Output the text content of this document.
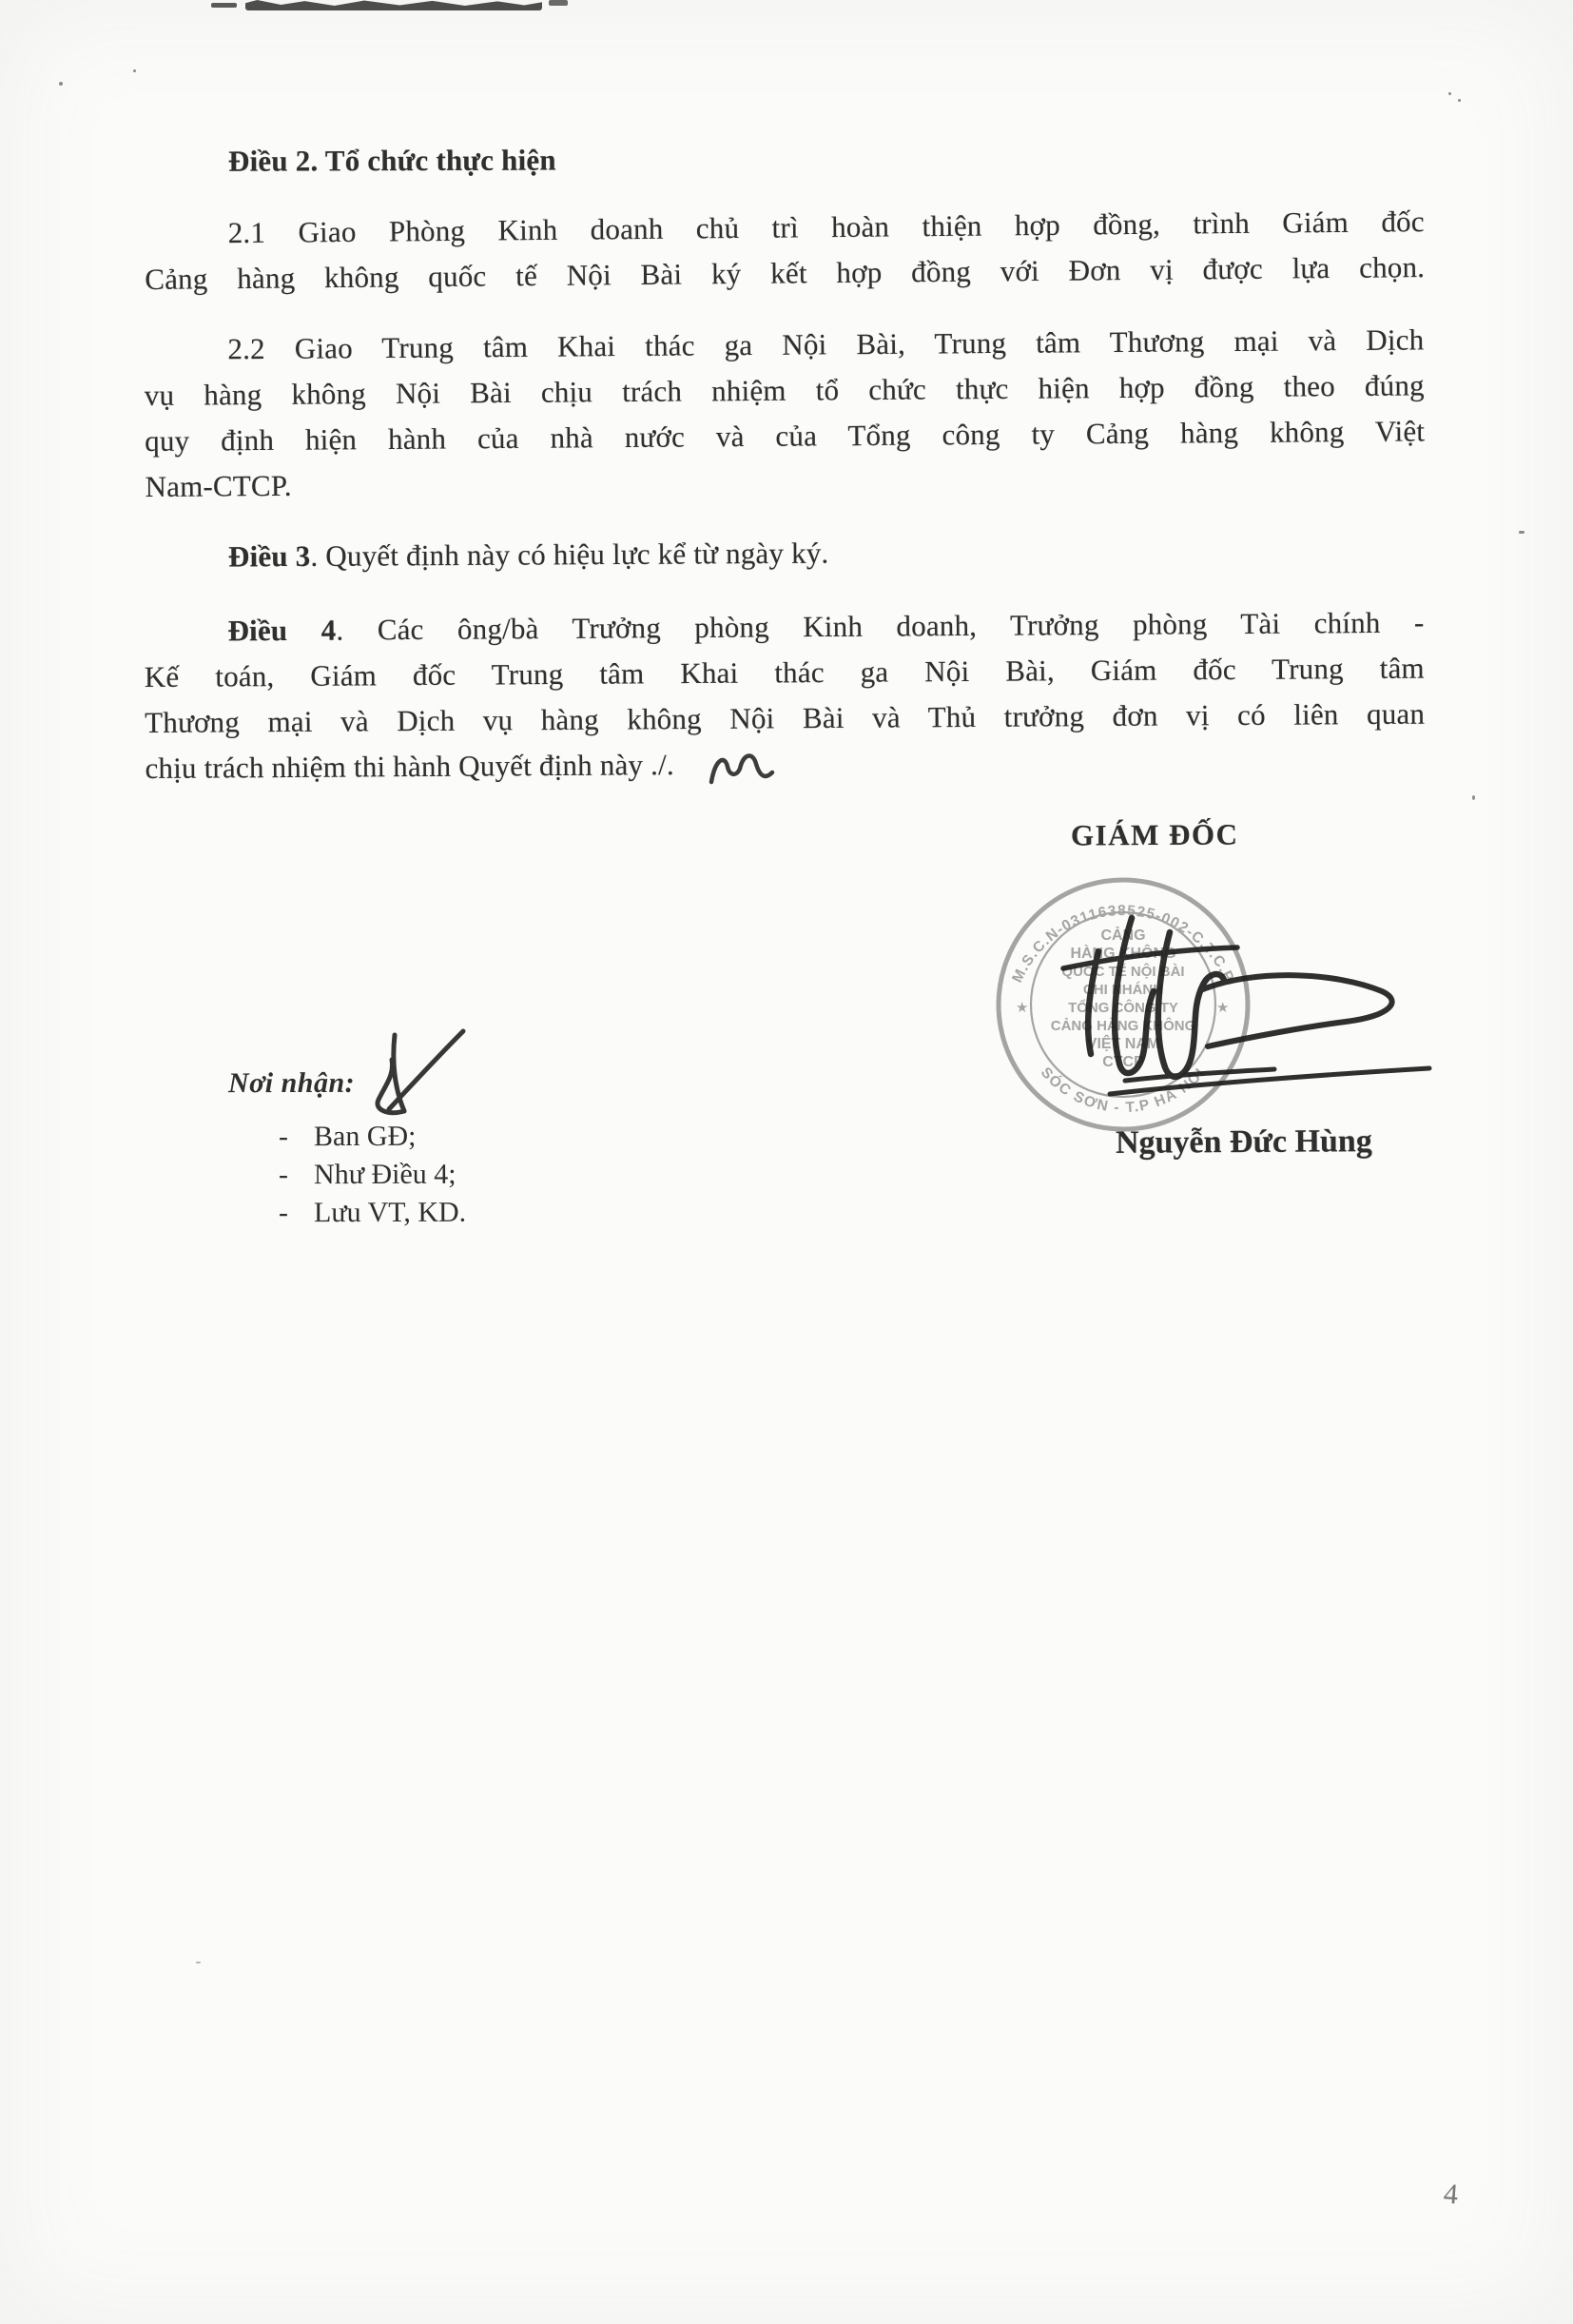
Điều 2. Tổ chức thực hiện
2.1 Giao Phòng Kinh doanh chủ trì hoàn thiện hợp đồng, trình Giám đốc
Cảng hàng không quốc tế Nội Bài ký kết hợp đồng với Đơn vị được lựa chọn.
2.2 Giao Trung tâm Khai thác ga Nội Bài, Trung tâm Thương mại và Dịch
vụ hàng không Nội Bài chịu trách nhiệm tổ chức thực hiện hợp đồng theo đúng
quy định hiện hành của nhà nước và của Tổng công ty Cảng hàng không Việt
Nam-CTCP.
Điều 3. Quyết định này có hiệu lực kể từ ngày ký.
Điều 4. Các ông/bà Trưởng phòng Kinh doanh, Trưởng phòng Tài chính -
Kế toán, Giám đốc Trung tâm Khai thác ga Nội Bài, Giám đốc Trung tâm
Thương mại và Dịch vụ hàng không Nội Bài và Thủ trưởng đơn vị có liên quan
chịu trách nhiệm thi hành Quyết định này ./.
GIÁM ĐỐC
M.S.C.N-0311638525-002-C.T.C.P
SÓC SƠN - T.P HÀ NỘI
★	★
CẢNG
HÀNG KHÔNG
QUỐC TẾ NỘI BÀI
CHI NHÁNH
TỔNG CÔNG TY
CẢNG HÀNG KHÔNG
VIỆT NAM
CTCP
Nguyễn Đức Hùng
Nơi nhận:
- Ban GĐ;
- Như Điều 4;
- Lưu VT, KD.
4
